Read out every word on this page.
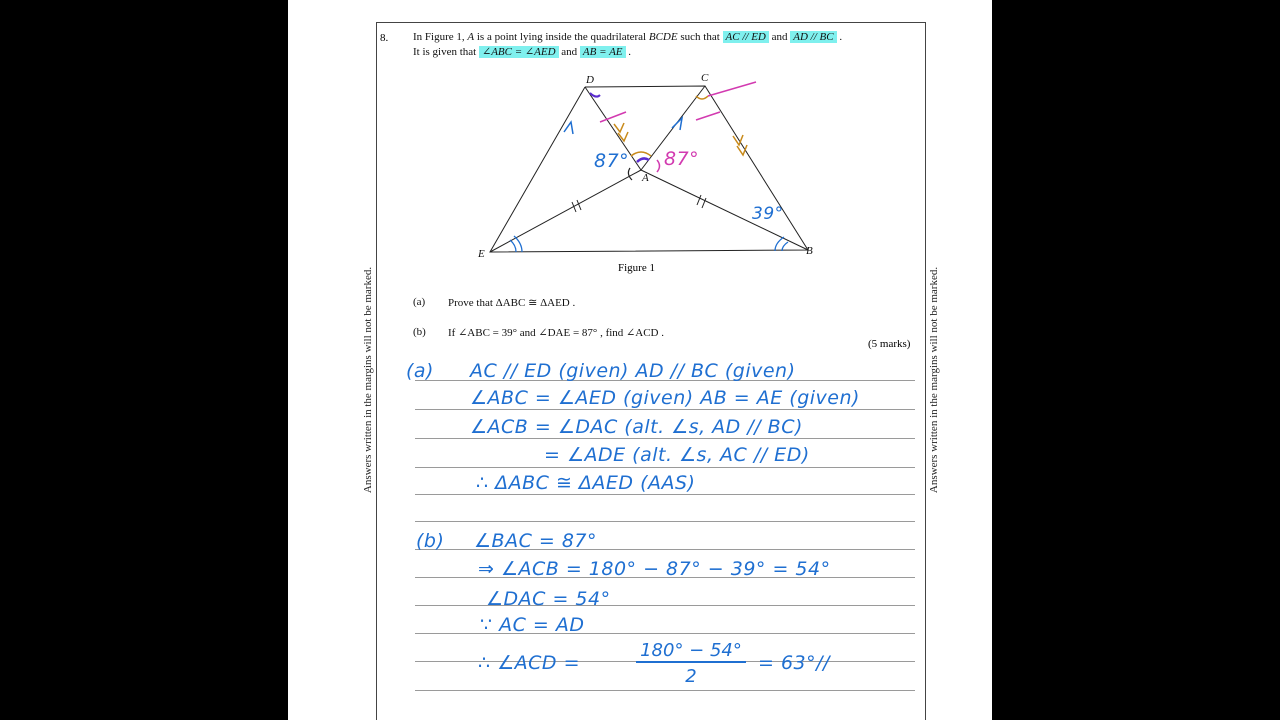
Answers written in the margins will not be marked.	Answers written in the margins will not be marked.
8. In Figure 1, A is a point lying inside the quadrilateral BCDE such that AC // ED and AD // BC .
It is given that ∠ABC = ∠AED and AB = AE .
D	C
A
E	B
87° 87°
39°
Figure 1
(a) Prove that ΔABC ≅ ΔAED .
(b) If ∠ABC = 39° and ∠DAE = 87° , find ∠ACD .
(5 marks)
(a) AC // ED (given) AD // BC (given)
∠ABC = ∠AED (given) AB = AE (given)
∠ACB = ∠DAC (alt. ∠s, AD // BC)
= ∠ADE (alt. ∠s, AC // ED)
∴ ΔABC ≅ ΔAED (AAS)
(b) ∠BAC = 87°
⇒ ∠ACB = 180° − 87° − 39° = 54°
∠DAC = 54°
∵ AC = AD
∴ ∠ACD =
180° − 54°
2
= 63°//
